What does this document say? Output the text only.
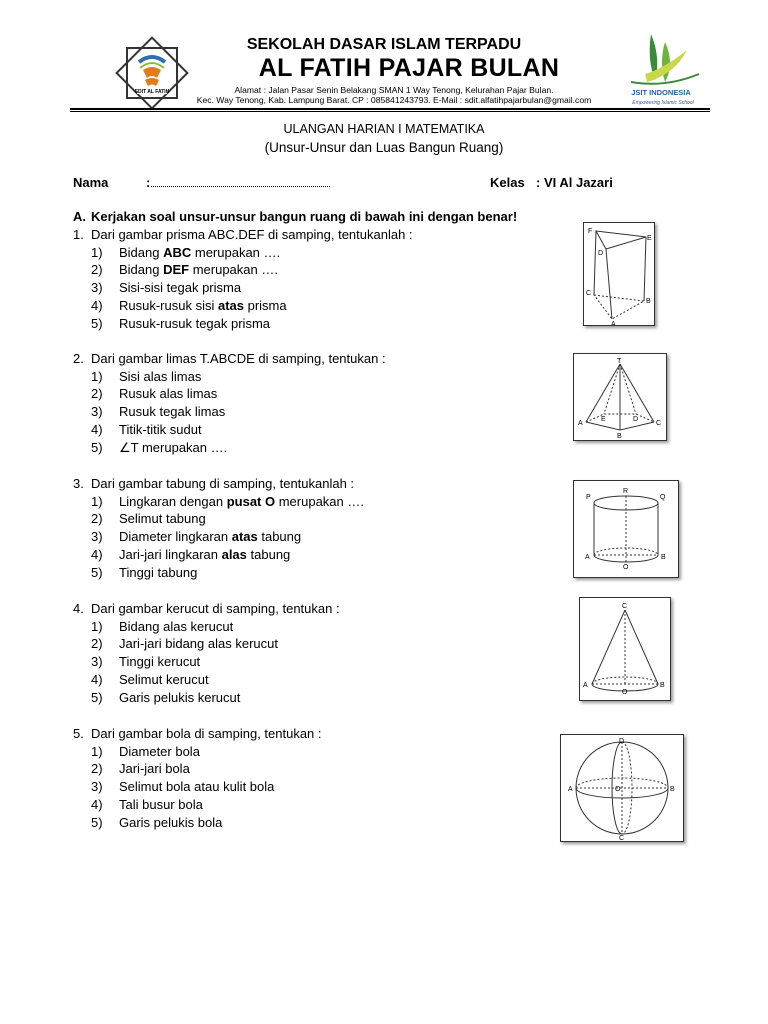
SDIT AL FATIH
SEKOLAH DASAR ISLAM TERPADU
AL FATIH PAJAR BULAN
Alamat : Jalan Pasar Senin Belakang SMAN 1 Way Tenong, Kelurahan Pajar Bulan.
Kec. Way Tenong, Kab. Lampung Barat. CP : 085841243793. E-Mail : sdit.alfatihpajarbulan@gmail.com
JSIT INDONESIA
Empowering Islamic School
ULANGAN HARIAN I MATEMATIKA
(Unsur-Unsur dan Luas Bangun Ruang)
Nama	:	Kelas : VI Al Jazari
A. Kerjakan soal unsur-unsur bangun ruang di bawah ini dengan benar!
1. Dari gambar prisma ABC.DEF di samping, tentukanlah :
1) Bidang ABC merupakan ….
2) Bidang DEF merupakan ….
3) Sisi-sisi tegak prisma
4) Rusuk-rusuk sisi atas prisma
5) Rusuk-rusuk tegak prisma
2. Dari gambar limas T.ABCDE di samping, tentukan :
1) Sisi alas limas
2) Rusuk alas limas
3) Rusuk tegak limas
4) Titik-titik sudut
5) ∠T merupakan ….
3. Dari gambar tabung di samping, tentukanlah :
1) Lingkaran dengan pusat O merupakan ….
2) Selimut tabung
3) Diameter lingkaran atas tabung
4) Jari-jari lingkaran alas tabung
5) Tinggi tabung
4. Dari gambar kerucut di samping, tentukan :
1) Bidang alas kerucut
2) Jari-jari bidang alas kerucut
3) Tinggi kerucut
4) Selimut kerucut
5) Garis pelukis kerucut
5. Dari gambar bola di samping, tentukan :
1) Diameter bola
2) Jari-jari bola
3) Selimut bola atau kulit bola
4) Tali busur bola
5) Garis pelukis bola
F
E
D
C
B
A
T
A
E	D
C
B
P
R
Q
A
O
B
C
A
O
B
D
A	O	B
C
